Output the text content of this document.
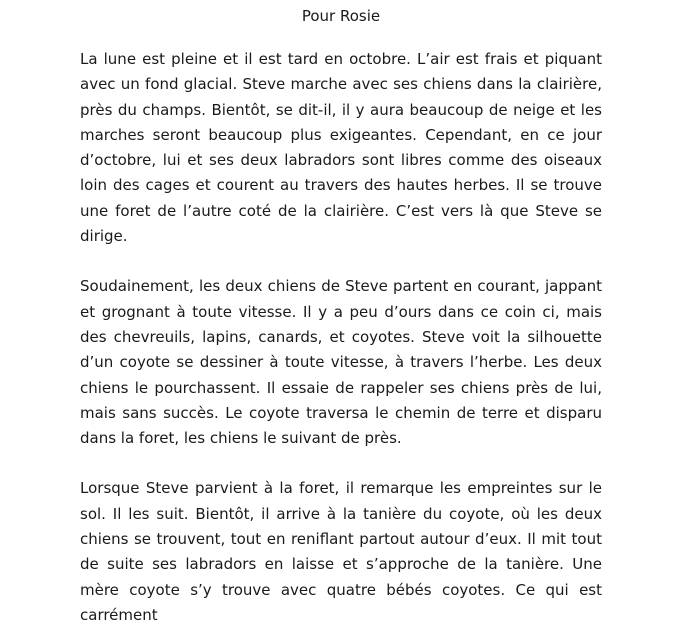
Pour Rosie

La lune est pleine et il est tard en octobre. L’air est frais et piquant avec un fond glacial. Steve marche avec ses chiens dans la clairière, près du champs. Bientôt, se dit-il, il y aura beaucoup de neige et les marches seront beaucoup plus exigeantes. Cependant, en ce jour d’octobre, lui et ses deux labradors sont libres comme des oiseaux loin des cages et courent au travers des hautes herbes. Il se trouve une foret de l’autre coté de la clairière. C’est vers là que Steve se dirige.

Soudainement, les deux chiens de Steve partent en courant, jappant et grognant à toute vitesse. Il y a peu d’ours dans ce coin ci, mais des chevreuils, lapins, canards, et coyotes. Steve voit la silhouette d’un coyote se dessiner à toute vitesse, à travers l’herbe. Les deux chiens le pourchassent. Il essaie de rappeler ses chiens près de lui, mais sans succès. Le coyote traversa le chemin de terre et disparu dans la foret, les chiens le suivant de près.

Lorsque Steve parvient à la foret, il remarque les empreintes sur le sol. Il les suit. Bientôt, il arrive à la tanière du coyote, où les deux chiens se trouvent, tout en reniflant partout autour d’eux. Il mit tout de suite ses labradors en laisse et s’approche de la tanière. Une mère coyote s’y trouve avec quatre bébés coyotes. Ce qui est carrément
